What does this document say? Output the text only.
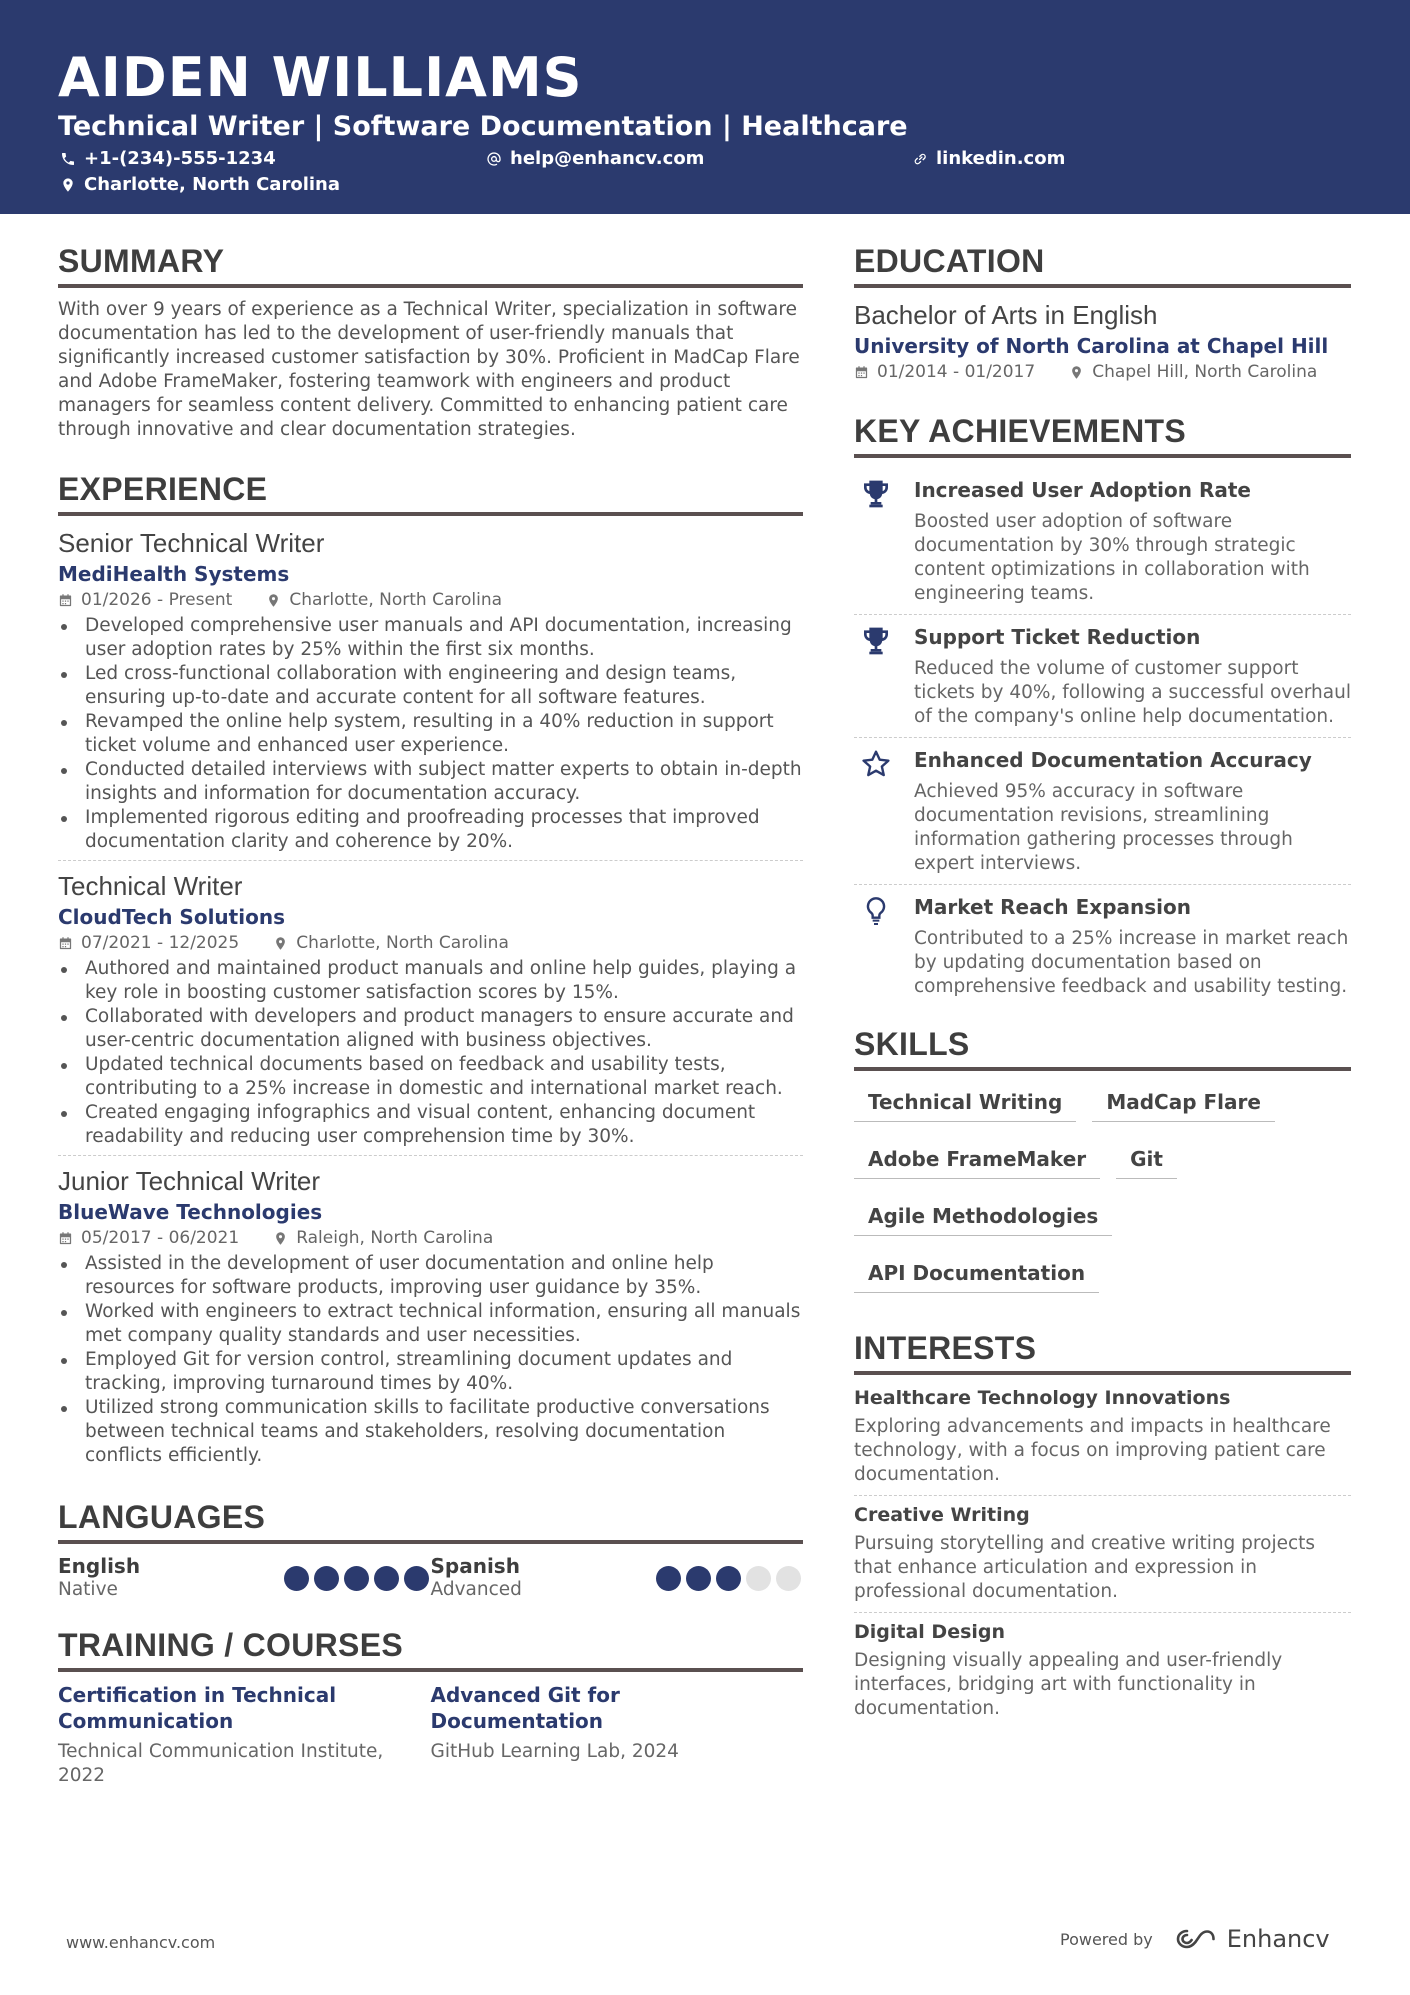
AIDEN WILLIAMS
Technical Writer | Software Documentation | Healthcare
+1-(234)-555-1234	help@enhancv.com	linkedin.com
Charlotte, North Carolina
SUMMARY
With over 9 years of experience as a Technical Writer, specialization in software documentation has led to the development of user-friendly manuals that significantly increased customer satisfaction by 30%. Proficient in MadCap Flare and Adobe FrameMaker, fostering teamwork with engineers and product managers for seamless content delivery. Committed to enhancing patient care through innovative and clear documentation strategies.
EXPERIENCE
Senior Technical Writer
MediHealth Systems
01/2026 - Present	Charlotte, North Carolina
Developed comprehensive user manuals and API documentation, increasing user adoption rates by 25% within the first six months.
Led cross-functional collaboration with engineering and design teams, ensuring up-to-date and accurate content for all software features.
Revamped the online help system, resulting in a 40% reduction in support ticket volume and enhanced user experience.
Conducted detailed interviews with subject matter experts to obtain in-depth insights and information for documentation accuracy.
Implemented rigorous editing and proofreading processes that improved documentation clarity and coherence by 20%.
Technical Writer
CloudTech Solutions
07/2021 - 12/2025	Charlotte, North Carolina
Authored and maintained product manuals and online help guides, playing a key role in boosting customer satisfaction scores by 15%.
Collaborated with developers and product managers to ensure accurate and user-centric documentation aligned with business objectives.
Updated technical documents based on feedback and usability tests, contributing to a 25% increase in domestic and international market reach.
Created engaging infographics and visual content, enhancing document readability and reducing user comprehension time by 30%.
Junior Technical Writer
BlueWave Technologies
05/2017 - 06/2021	Raleigh, North Carolina
Assisted in the development of user documentation and online help resources for software products, improving user guidance by 35%.
Worked with engineers to extract technical information, ensuring all manuals met company quality standards and user necessities.
Employed Git for version control, streamlining document updates and tracking, improving turnaround times by 40%.
Utilized strong communication skills to facilitate productive conversations between technical teams and stakeholders, resolving documentation conflicts efficiently.
LANGUAGES
English
Native
Spanish
Advanced
TRAINING / COURSES
Certification in Technical Communication
Technical Communication Institute, 2022
Advanced Git for Documentation
GitHub Learning Lab, 2024
EDUCATION
Bachelor of Arts in English
University of North Carolina at Chapel Hill
01/2014 - 01/2017	Chapel Hill, North Carolina
KEY ACHIEVEMENTS
Increased User Adoption Rate
Boosted user adoption of software documentation by 30% through strategic content optimizations in collaboration with engineering teams.
Support Ticket Reduction
Reduced the volume of customer support tickets by 40%, following a successful overhaul of the company's online help documentation.
Enhanced Documentation Accuracy
Achieved 95% accuracy in software documentation revisions, streamlining information gathering processes through expert interviews.
Market Reach Expansion
Contributed to a 25% increase in market reach by updating documentation based on comprehensive feedback and usability testing.
SKILLS
Technical Writing	MadCap Flare
Adobe FrameMaker	Git
Agile Methodologies
API Documentation
INTERESTS
Healthcare Technology Innovations
Exploring advancements and impacts in healthcare technology, with a focus on improving patient care documentation.
Creative Writing
Pursuing storytelling and creative writing projects that enhance articulation and expression in professional documentation.
Digital Design
Designing visually appealing and user-friendly interfaces, bridging art with functionality in documentation.
www.enhancv.com	Powered by	Enhancv
